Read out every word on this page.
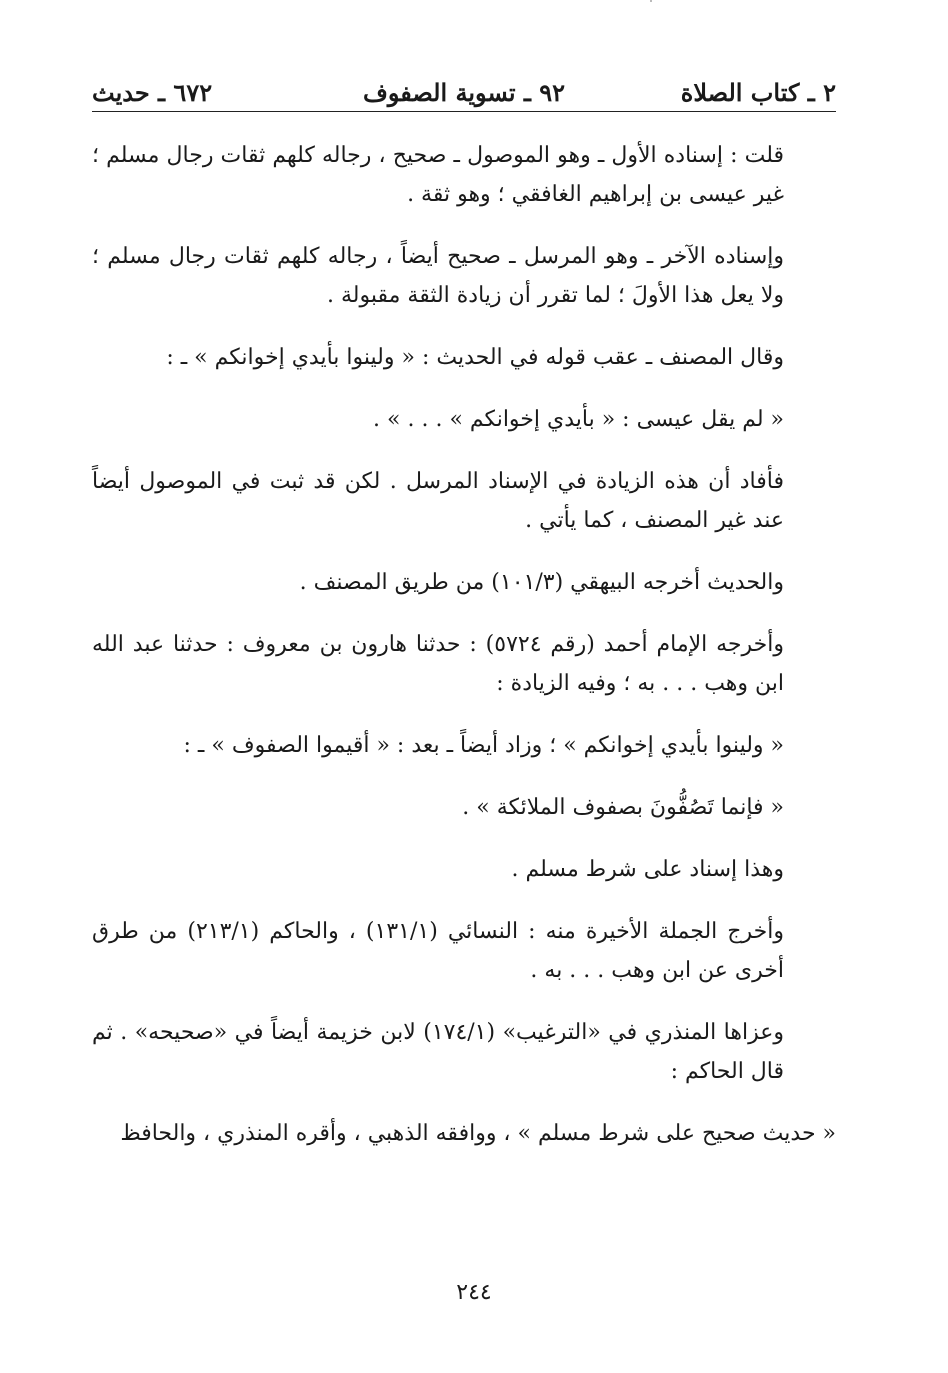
٢ ـ كتاب الصلاة
٩٢ ـ تسوية الصفوف
٦٧٢ ـ حديث

قلت : إسناده الأول ـ وهو الموصول ـ صحيح ، رجاله كلهم ثقات رجال مسلم ؛ غير عيسى بن إبراهيم الغافقي ؛ وهو ثقة .

وإسناده الآخر ـ وهو المرسل ـ صحيح أيضاً ، رجاله كلهم ثقات رجال مسلم ؛ ولا يعل هذا الأولَ ؛ لما تقرر أن زيادة الثقة مقبولة .

وقال المصنف ـ عقب قوله في الحديث : « ولينوا بأيدي إخوانكم » ـ :

« لم يقل عيسى : « بأيدي إخوانكم » . . . » .

فأفاد أن هذه الزيادة في الإسناد المرسل . لكن قد ثبت في الموصول أيضاً عند غير المصنف ، كما يأتي .

والحديث أخرجه البيهقي (١٠١/٣) من طريق المصنف .

وأخرجه الإمام أحمد (رقم ٥٧٢٤) : حدثنا هارون بن معروف : حدثنا عبد الله ابن وهب . . . به ؛ وفيه الزيادة :

« ولينوا بأيدي إخوانكم » ؛ وزاد أيضاً ـ بعد : « أقيموا الصفوف » ـ :

« فإنما تَصُفُّونَ بصفوف الملائكة » .

وهذا إسناد على شرط مسلم .

وأخرج الجملة الأخيرة منه : النسائي (١٣١/١) ، والحاكم (٢١٣/١) من طرق أخرى عن ابن وهب . . . به .

وعزاها المنذري في «الترغيب» (١٧٤/١) لابن خزيمة أيضاً في «صحيحه» . ثم قال الحاكم :

« حديث صحيح على شرط مسلم » ، ووافقه الذهبي ، وأقره المنذري ، والحافظ

٢٤٤
